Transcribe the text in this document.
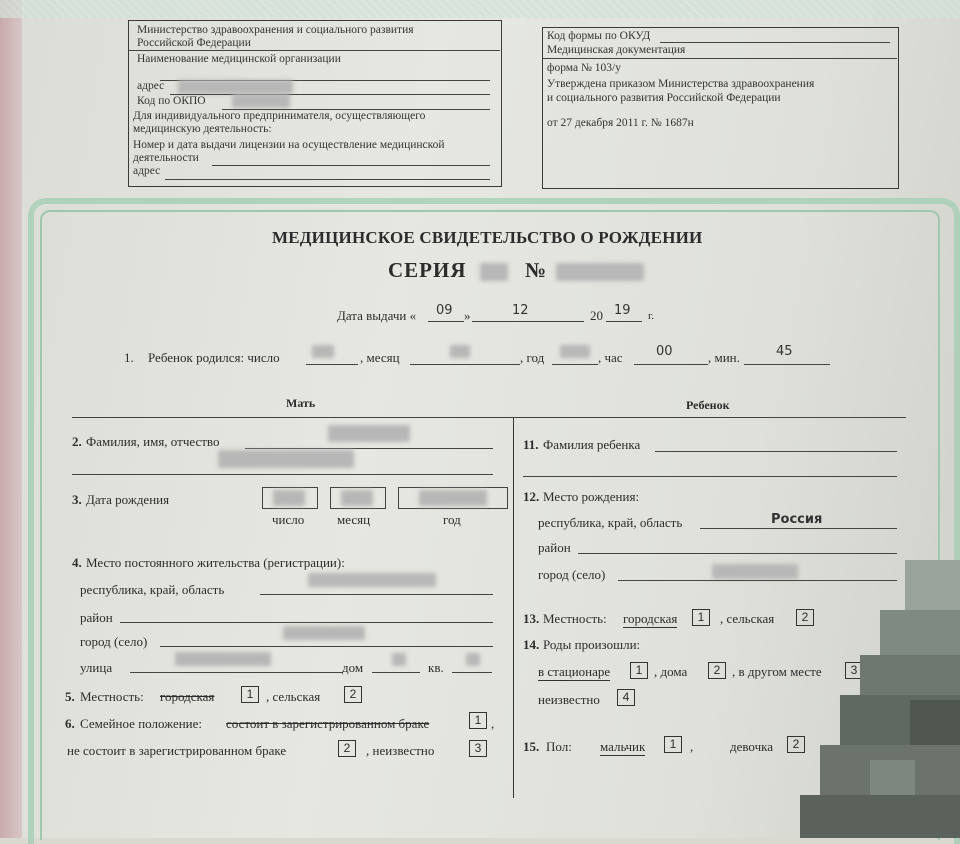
Министерство здравоохранения и социального развития
Российской Федерации
Наименование медицинской организации
адрес
Код по ОКПО
Для индивидуального предпринимателя, осуществляющего
медицинскую деятельность:
Номер и дата выдачи лицензии на осуществление медицинской
деятельности
адрес
Код формы по ОКУД
Медицинская документация
форма № 103/у
Утверждена приказом Министерства здравоохранения
и социального развития Российской Федерации
от 27 декабря 2011 г. № 1687н
МЕДИЦИНСКОЕ СВИДЕТЕЛЬСТВО О РОЖДЕНИИ
СЕРИЯ	№
Дата выдачи « 09 »	12	20 19 г.
1. Ребенок родился: число	, месяц	, год	, час	00	, мин.	45
Мать	Ребенок
2. Фамилия, имя, отчество
3. Дата рождения
число	месяц	год
4. Место постоянного жительства (регистрации):
республика, край, область
район
город (село)
улица	дом	кв.
5. Местность: городская	1 , сельская	2
6. Семейное положение: состоит в зарегистрированном браке	1 ,
не состоит в зарегистрированном браке	2	, неизвестно	3
11. Фамилия ребенка
12. Место рождения:
республика, край, область	Россия
район
город (село)
13. Местность: городская	1	, сельская	2
14. Роды произошли:
в стационаре	1 , дома	2 , в другом месте	3
неизвестно	4
15. Пол: мальчик	1	,	девочка	2
